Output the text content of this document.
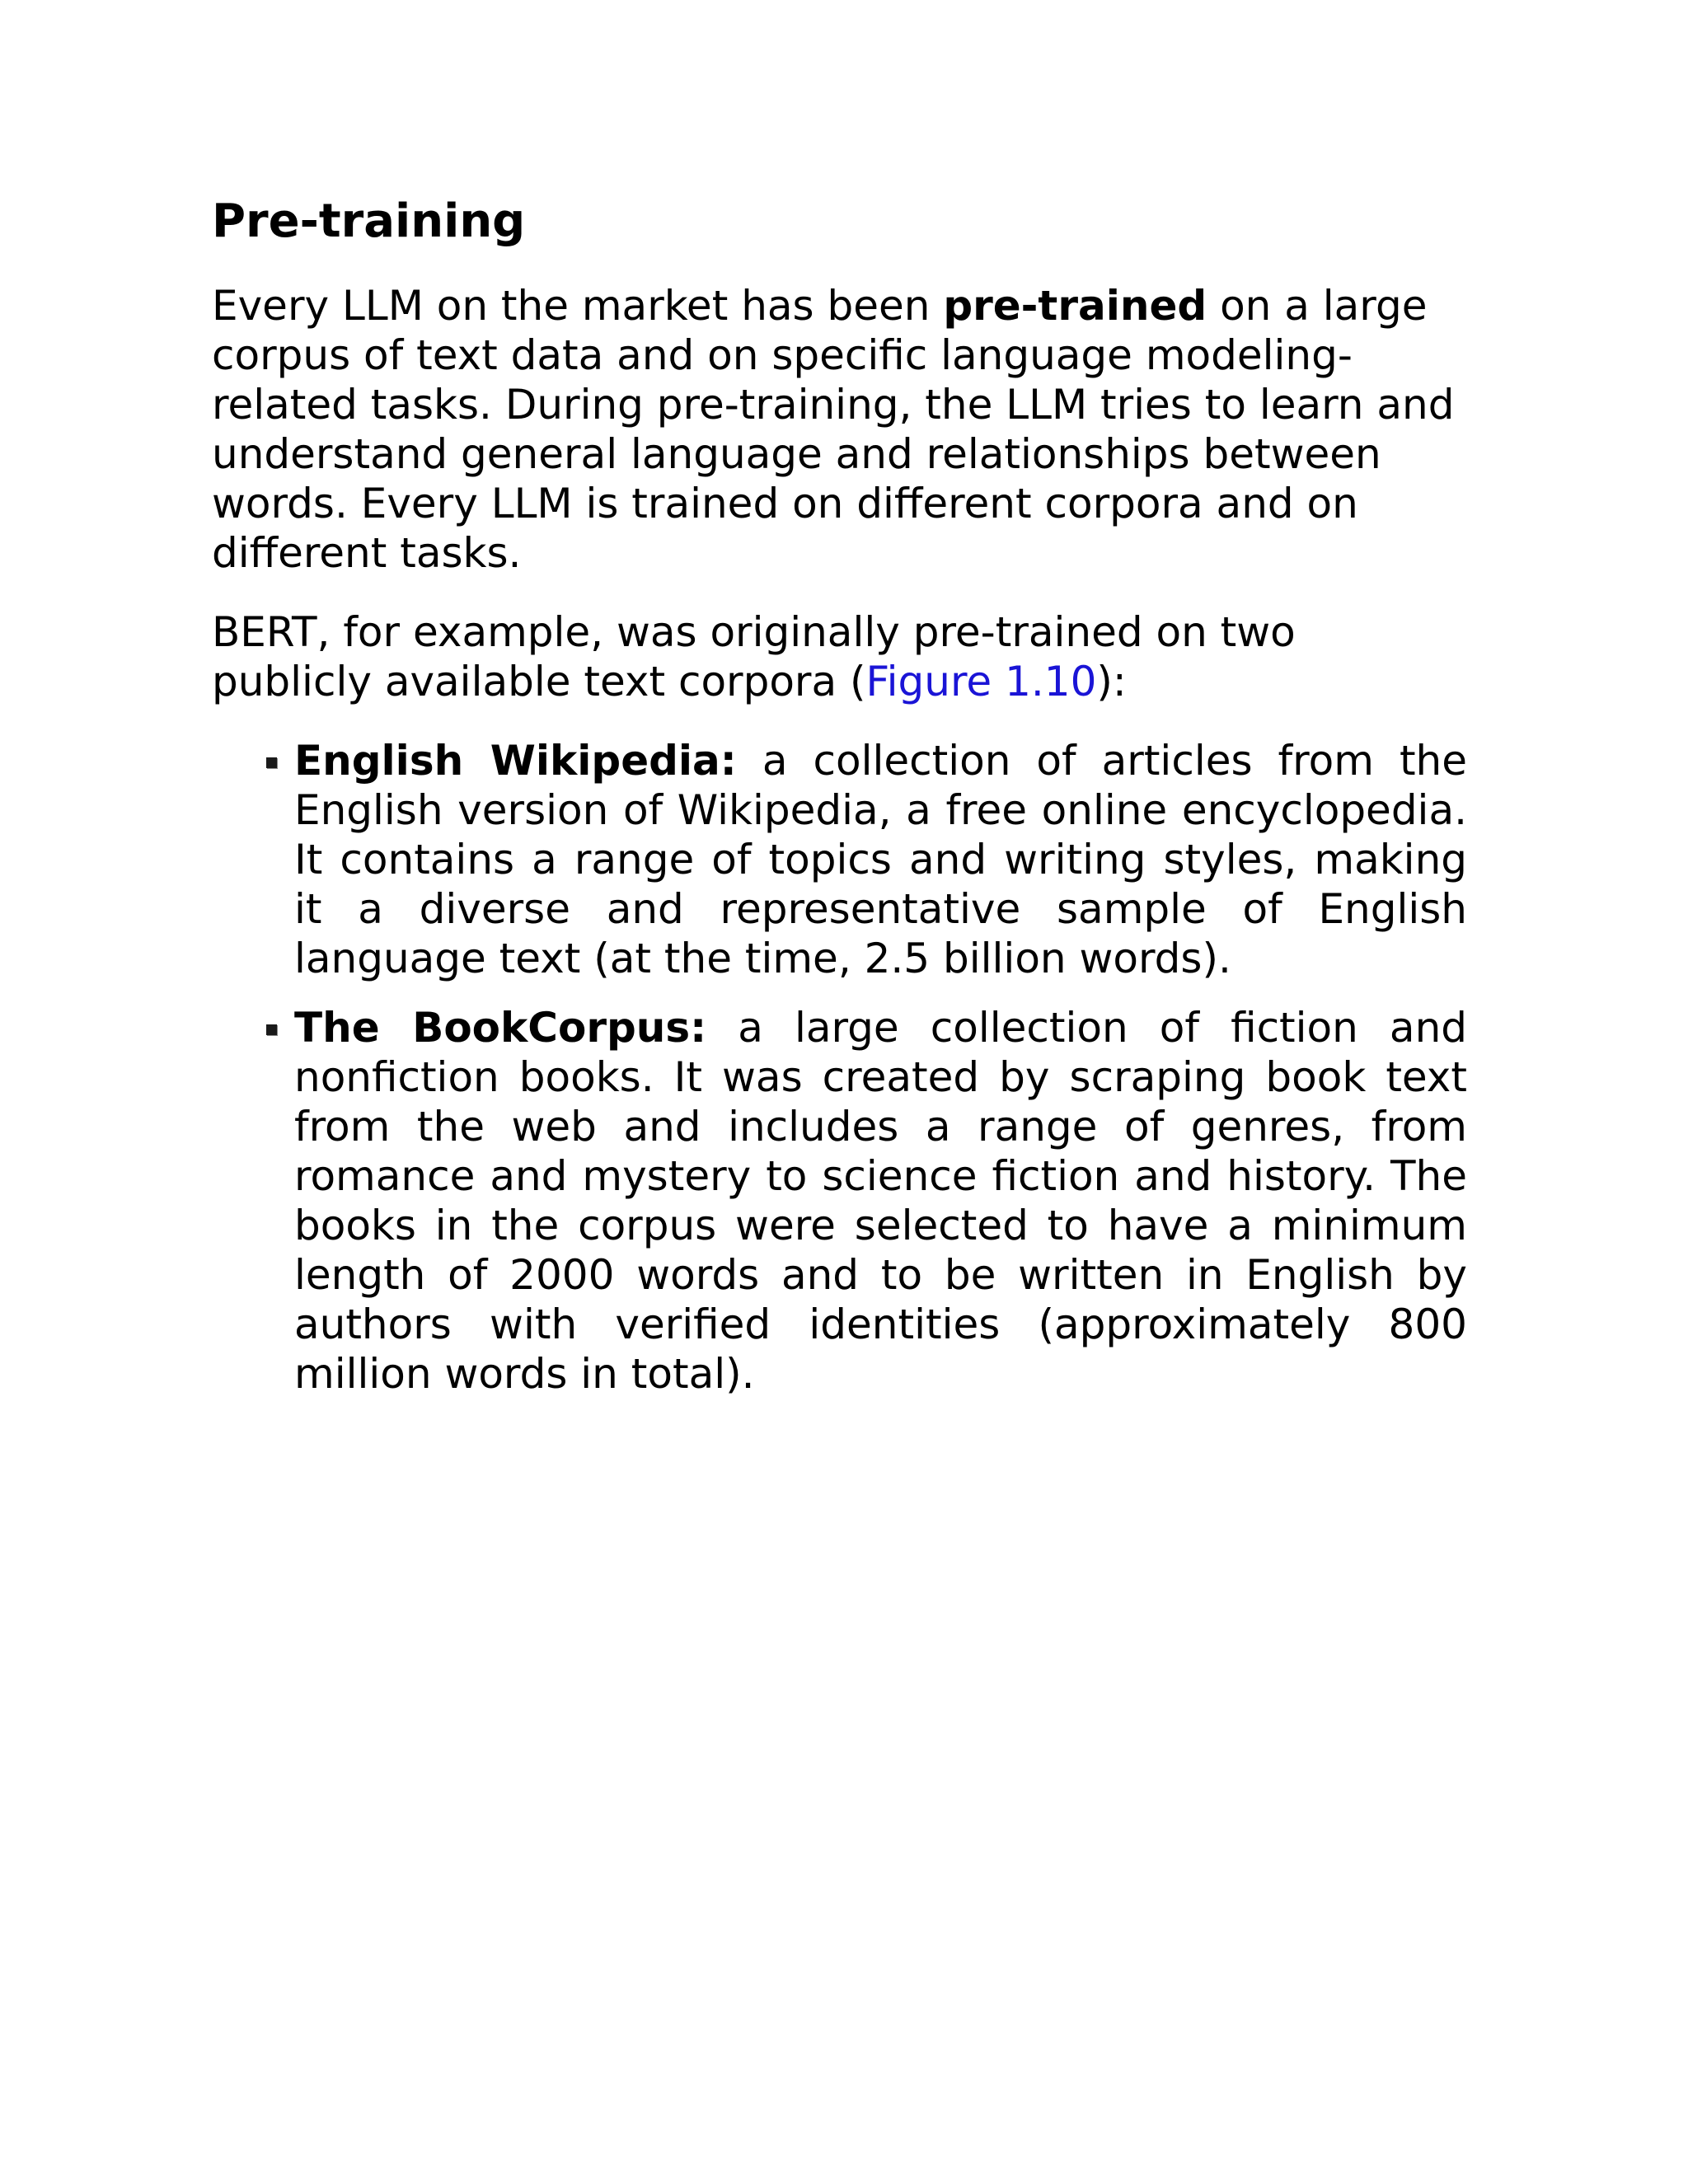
Pre-training

Every LLM on the market has been pre-trained on a large corpus of text data and on specific language modeling-related tasks. During pre-training, the LLM tries to learn and understand general language and relationships between words. Every LLM is trained on different corpora and on different tasks.

BERT, for example, was originally pre-trained on two publicly available text corpora (Figure 1.10):

English Wikipedia: a collection of articles from the English version of Wikipedia, a free online encyclopedia. It contains a range of topics and writing styles, making it a diverse and representative sample of English language text (at the time, 2.5 billion words).
The BookCorpus: a large collection of fiction and nonfiction books. It was created by scraping book text from the web and includes a range of genres, from romance and mystery to science fiction and history. The books in the corpus were selected to have a minimum length of 2000 words and to be written in English by authors with verified identities (approximately 800 million words in total).
